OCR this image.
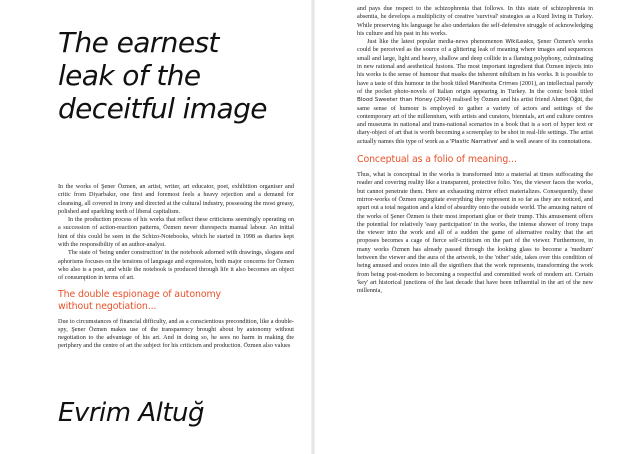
The earnest
leak of the
deceitful image

In the works of Şener Özmen, an artist, writer, art educator, poet, exhibition organiser and critic from Diyarbakır, one first and foremost feels a heavy rejection and a demand for cleansing, all covered in irony and directed at the cultural industry, possessing the most greasy, polished and sparkling teeth of liberal capitalism.

In the production process of his works that reflect these criticisms seemingly operating on a succession of action-reaction patterns, Özmen never disrespects manual labour. An initial hint of this could be seen in the Schizo-Notebooks, which he started in 1998 as diaries kept with the responsibility of an author-analyst.

The state of 'being under construction' in the notebook adorned with drawings, slogans and aphorisms focuses on the tensions of language and expression, both major concerns for Özmen who also is a poet, and while the notebook is produced through life it also becomes an object of consumption in terms of art.

The double espionage of autonomy
without negotiation...

Due to circumstances of financial difficulty, and as a conscientious precondition, like a double-spy, Şener Özmen makes use of the transparency brought about by autonomy without negotiation to the advantage of his art. And in doing so, he sees no harm in making the periphery and the centre of art the subject for his criticism and production. Özmen also values

Evrim Altuğ

and pays due respect to the schizophrenia that follows. In this state of schizophrenia in absentia, he develops a multiplicity of creative 'survival' strategies as a Kurd living in Turkey. While preserving his language he also undertakes the self-defensive struggle of acknowledging his culture and his past in his works.

Just like the latest popular media-news phenomenon WikiLeaks, Şener Özmen's works could be perceived as the source of a glittering leak of meaning where images and sequences small and large, light and heavy, shallow and deep collide in a flaming polyphony, culminating in new rational and aesthetical fusions. The most important ingredient that Özmen injects into his works is the sense of humour that masks the inherent nihilism in his works. It is possible to have a taste of this humour in the book titled Manifesta Crimes (2001), an intellectual parody of the pocket photo-novels of Italian origin appearing in Turkey. In the comic book titled Blood Sweeter than Honey (2004) realised by Özmen and his artist friend Ahmet Öğüt, the same sense of humour is employed to gather a variety of actors and settings of the contemporary art of the millennium, with artists and curators, biennials, art and culture centres and museums in national and trans-national scenarios in a book that is a sort of hyper text or diary-object of art that is worth becoming a screenplay to be shot in real-life settings. The artist actually names this type of work as a 'Plastic Narrative' and is well aware of its connotations.

Conceptual as a folio of meaning...

Thus, what is conceptual in the works is transformed into a material at times suffocating the reader and covering reality like a transparent, protective folio. Yes, the viewer faces the works, but cannot penetrate them. Here an exhausting mirror effect materializes. Consequently, these mirror-works of Özmen regurgitate everything they represent in so far as they are noticed, and spurt out a total negation and a kind of absurdity onto the outside world. The amusing nature of the works of Şener Özmen is their most important glue or their trump. This amusement offers the potential for relatively 'easy participation' in the works, the intense shower of irony traps the viewer into the work and all of a sudden the game of alternative reality that the art proposes becomes a cage of fierce self-criticism on the part of the viewer. Furthermore, in many works Özmen has already passed through the looking glass to become a 'medium' between the viewer and the aura of the artwork, to the 'other' side, takes over this condition of being amused and oozes into all the signifiers that the work represents, transforming the work from being post-modern to becoming a respectful and committed work of modern art. Certain 'key' art historical junctions of the last decade that have been influential in the art of the new millennia,
